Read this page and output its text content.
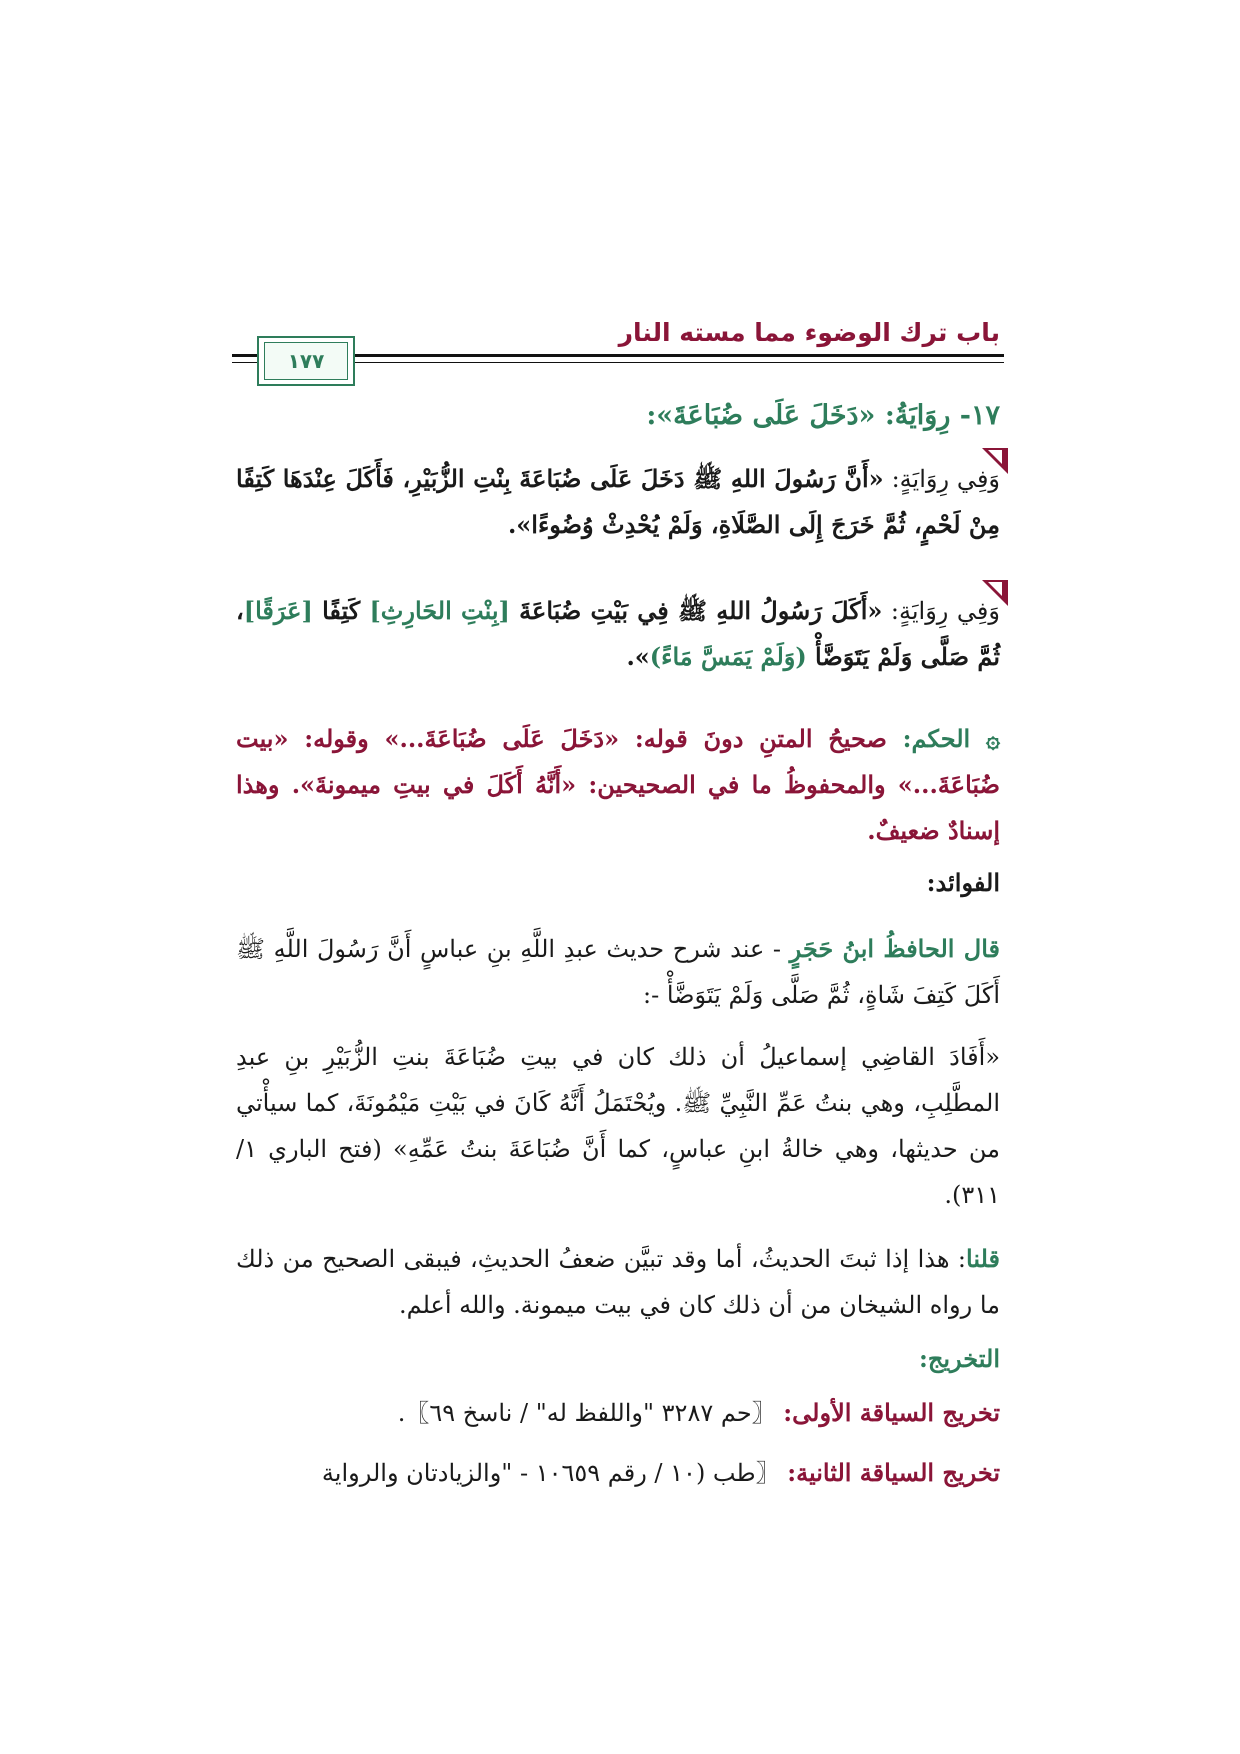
باب ترك الوضوء مما مسته النار
١٧٧
١٧- رِوَايَةُ: «دَخَلَ عَلَى ضُبَاعَةَ»:
وَفِي رِوَايَةٍ: «أَنَّ رَسُولَ اللهِ ﷺ دَخَلَ عَلَى ضُبَاعَةَ بِنْتِ الزُّبَيْرِ، فَأَكَلَ عِنْدَهَا كَتِفًا مِنْ لَحْمٍ، ثُمَّ خَرَجَ إِلَى الصَّلَاةِ، وَلَمْ يُحْدِثْ وُضُوءًا».
وَفِي رِوَايَةٍ: «أَكَلَ رَسُولُ اللهِ ﷺ فِي بَيْتِ ضُبَاعَةَ [بِنْتِ الحَارِثِ] كَتِفًا [عَرَقًا]، ثُمَّ صَلَّى وَلَمْ يَتَوَضَّأْ (وَلَمْ يَمَسَّ مَاءً)».
۞ الحكم: صحيحُ المتنِ دونَ قوله: «دَخَلَ عَلَى ضُبَاعَةَ...» وقوله: «بيت ضُبَاعَةَ...» والمحفوظُ ما في الصحيحين: «أَنَّهُ أَكَلَ في بيتِ ميمونةَ». وهذا إسنادٌ ضعيفٌ.
الفوائد:
قال الحافظُ ابنُ حَجَرٍ - عند شرح حديث عبدِ اللَّهِ بنِ عباسٍ أَنَّ رَسُولَ اللَّهِ ﷺ أَكَلَ كَتِفَ شَاةٍ، ثُمَّ صَلَّى وَلَمْ يَتَوَضَّأْ -:
«أَفَادَ القاضِي إسماعيلُ أن ذلك كان في بيتِ ضُبَاعَةَ بنتِ الزُّبَيْرِ بنِ عبدِ المطَّلِبِ، وهي بنتُ عَمِّ النَّبِيِّ ﷺ. ويُحْتَمَلُ أَنَّهُ كَانَ في بَيْتِ مَيْمُونَةَ، كما سيأْتي من حديثها، وهي خالةُ ابنِ عباسٍ، كما أَنَّ ضُبَاعَةَ بنتُ عَمِّهِ» (فتح الباري ١/ ٣١١).
قلنا: هذا إذا ثبتَ الحديثُ، أما وقد تبيَّن ضعفُ الحديثِ، فيبقى الصحيح من ذلك ما رواه الشيخان من أن ذلك كان في بيت ميمونة. والله أعلم.
التخريج:
تخريج السياقة الأولى: 〖حم ٣٢٨٧ "واللفظ له" / ناسخ ٦٩〗.
تخريج السياقة الثانية: 〖طب (١٠ / رقم ١٠٦٥٩ - "والزيادتان والرواية
